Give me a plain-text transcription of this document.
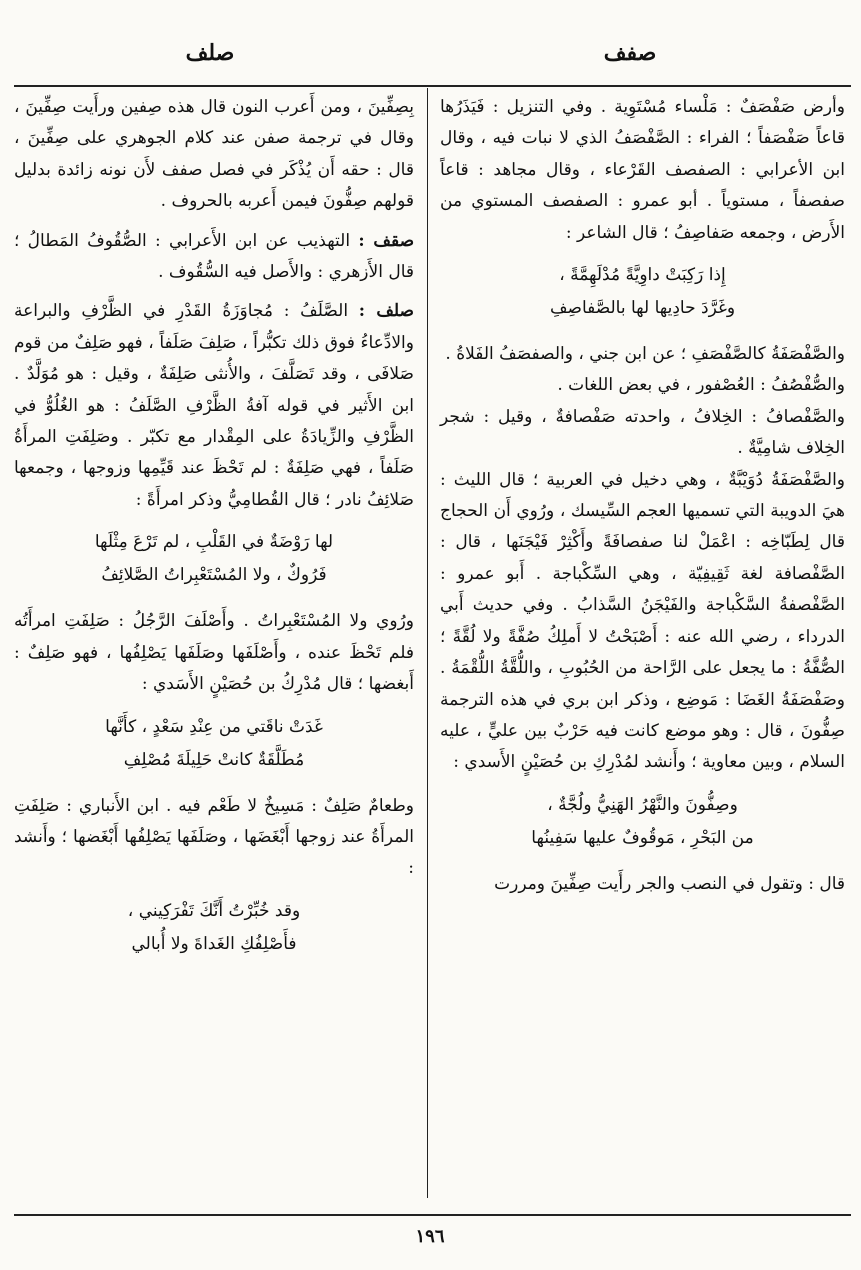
صفف
صلف

وأرض صَفْصَفٌ : مَلْساء مُسْتَوِية . وفي التنزيل : فَيَذَرُها قاعاً صَفْصَفاً ؛ الفراء : الصَّفْصَفُ الذي لا نبات فيه ، وقال ابن الأعرابي : الصفصف القَرْعاء ، وقال مجاهد : قاعاً صفصفاً ، مستوياً . أبو عمرو : الصفصف المستوي من الأَرض ، وجمعه صَفاصِفُ ؛ قال الشاعر :

إِذا رَكِبَتْ داوِيَّةً مُدْلَهِمَّةً ،
وغَرَّدَ حادِيها لها بالصَّفاصِفِ

والصَّفْصَفَةُ كالصَّفْصَفِ ؛ عن ابن جني ، والصفصَفُ الفَلاةُ .

والصُّفْصُفُ : العُصْفور ، في بعض اللغات .

والصَّفْصافُ : الخِلافُ ، واحدته صَفْصافةٌ ، وقيل : شجر الخِلاف شامِيَّةٌ .

والصَّفْصَفَةُ دُوَيْبَّةٌ ، وهي دخيل في العربية ؛ قال الليث : هيَ الدويبة التي تسميها العجم السِّيسك ، ورُوي أَن الحجاج قال لِطَبّاخِه : اعْمَلْ لنا صفصافَةً وأَكْثِرْ فَيْجَنَها ، قال : الصَّفْصافة لغة ثَقِيفِيّة ، وهي السِّكْباجة . أَبو عمرو : الصَّفْصفةُ السَّكْباجة والفَيْجَنُ السَّذابُ . وفي حديث أَبي الدرداء ، رضي الله عنه : أَصْبَحْتُ لا أَملِكُ صُفَّةً ولا لُقَّةً ؛ الصُّفَّةُ : ما يجعل على الرَّاحة من الحُبُوبِ ، واللُّقَّةُ اللُّقْمَةُ . وصَفْصَفَةُ الغَضَا : مَوضِع ، وذكر ابن بري في هذه الترجمة صِفُّونَ ، قال : وهو موضع كانت فيه حَرْبٌ بين عليٍّ ، عليه السلام ، وبين معاوية ؛ وأَنشد لمُدْرِكِ بن حُصَيْنٍ الأَسدي :

وصِفُّونَ والنَّهْرُ الهَنِيُّ ولُجَّةٌ ،
من البَحْرِ ، مَوقُوفٌ عليها سَفِينُها

قال : وتقول في النصب والجر رأَيت صِفِّينَ ومررت

بِصِفِّينَ ، ومن أَعرب النون قال هذه صِفين ورأَيت صِفِّينَ ، وقال في ترجمة صفن عند كلام الجوهري على صِفِّينَ ، قال : حقه أَن يُذْكَر في فصل صفف لأَن نونه زائدة بدليل قولهم صِفُّونَ فيمن أَعربه بالحروف .

صقف : التهذيب عن ابن الأَعرابي : الصُّقُوفُ المَطالُ ؛ قال الأَزهري : والأَصل فيه السُّقُوف .

صلف : الصَّلَفُ : مُجاوَزَةُ القَدْرِ في الظَّرْفِ والبراعة والادِّعاءُ فوق ذلك تكبُّراً ، صَلِفَ صَلَفاً ، فهو صَلِفٌ من قوم صَلافَى ، وقد تَصَلَّفَ ، والأُنثى صَلِفَةٌ ، وقيل : هو مُوَلَّدٌ . ابن الأَثير في قوله آفةُ الظَّرْفِ الصَّلَفُ : هو الغُلُوُّ في الظَّرْفِ والزِّيادَةُ على المِقْدار مع تكبّر . وصَلِفَتِ المرأَةُ صَلَفاً ، فهي صَلِفَةٌ : لم تَحْظَ عند قَيِّمِها وزوجها ، وجمعها صَلائِفُ نادر ؛ قال القُطامِيُّ وذكر امرأَةً :

لها رَوْضَةٌ في القَلْبِ ، لم تَرْعَ مِثْلَها
فَرُوكٌ ، ولا المُسْتَعْبِراتُ الصَّلائِفُ

ورُوي ولا المُسْتَعْبِراتُ . وأَصْلَفَ الرَّجُلُ : صَلِفَتِ امرأَتُه فلم تَحْظَ عنده ، وأَصْلَفَها وصَلَفَها يَصْلِفُها ، فهو صَلِفٌ : أَبغضها ؛ قال مُدْرِكُ بن حُصَيْنٍ الأَسَدي :

غَدَتْ ناقَتي من عِنْدِ سَعْدٍ ، كأَنَّها
مُطَلَّقَةٌ كانتْ حَلِيلَةَ مُصْلِفِ

وطعامٌ صَلِفٌ : مَسِيخٌ لا طَعْم فيه . ابن الأَنباري : صَلِفَتِ المرأَةُ عند زوجها أَبْغَضَها ، وصَلَفَها يَصْلِفُها أَبْغَضها ؛ وأَنشد :

وقد خُبِّرْتُ أَنَّكَ تَفْرَكِيني ،
فأَصْلِفُكِ الغَداةَ ولا أُبالي
١٩٦
